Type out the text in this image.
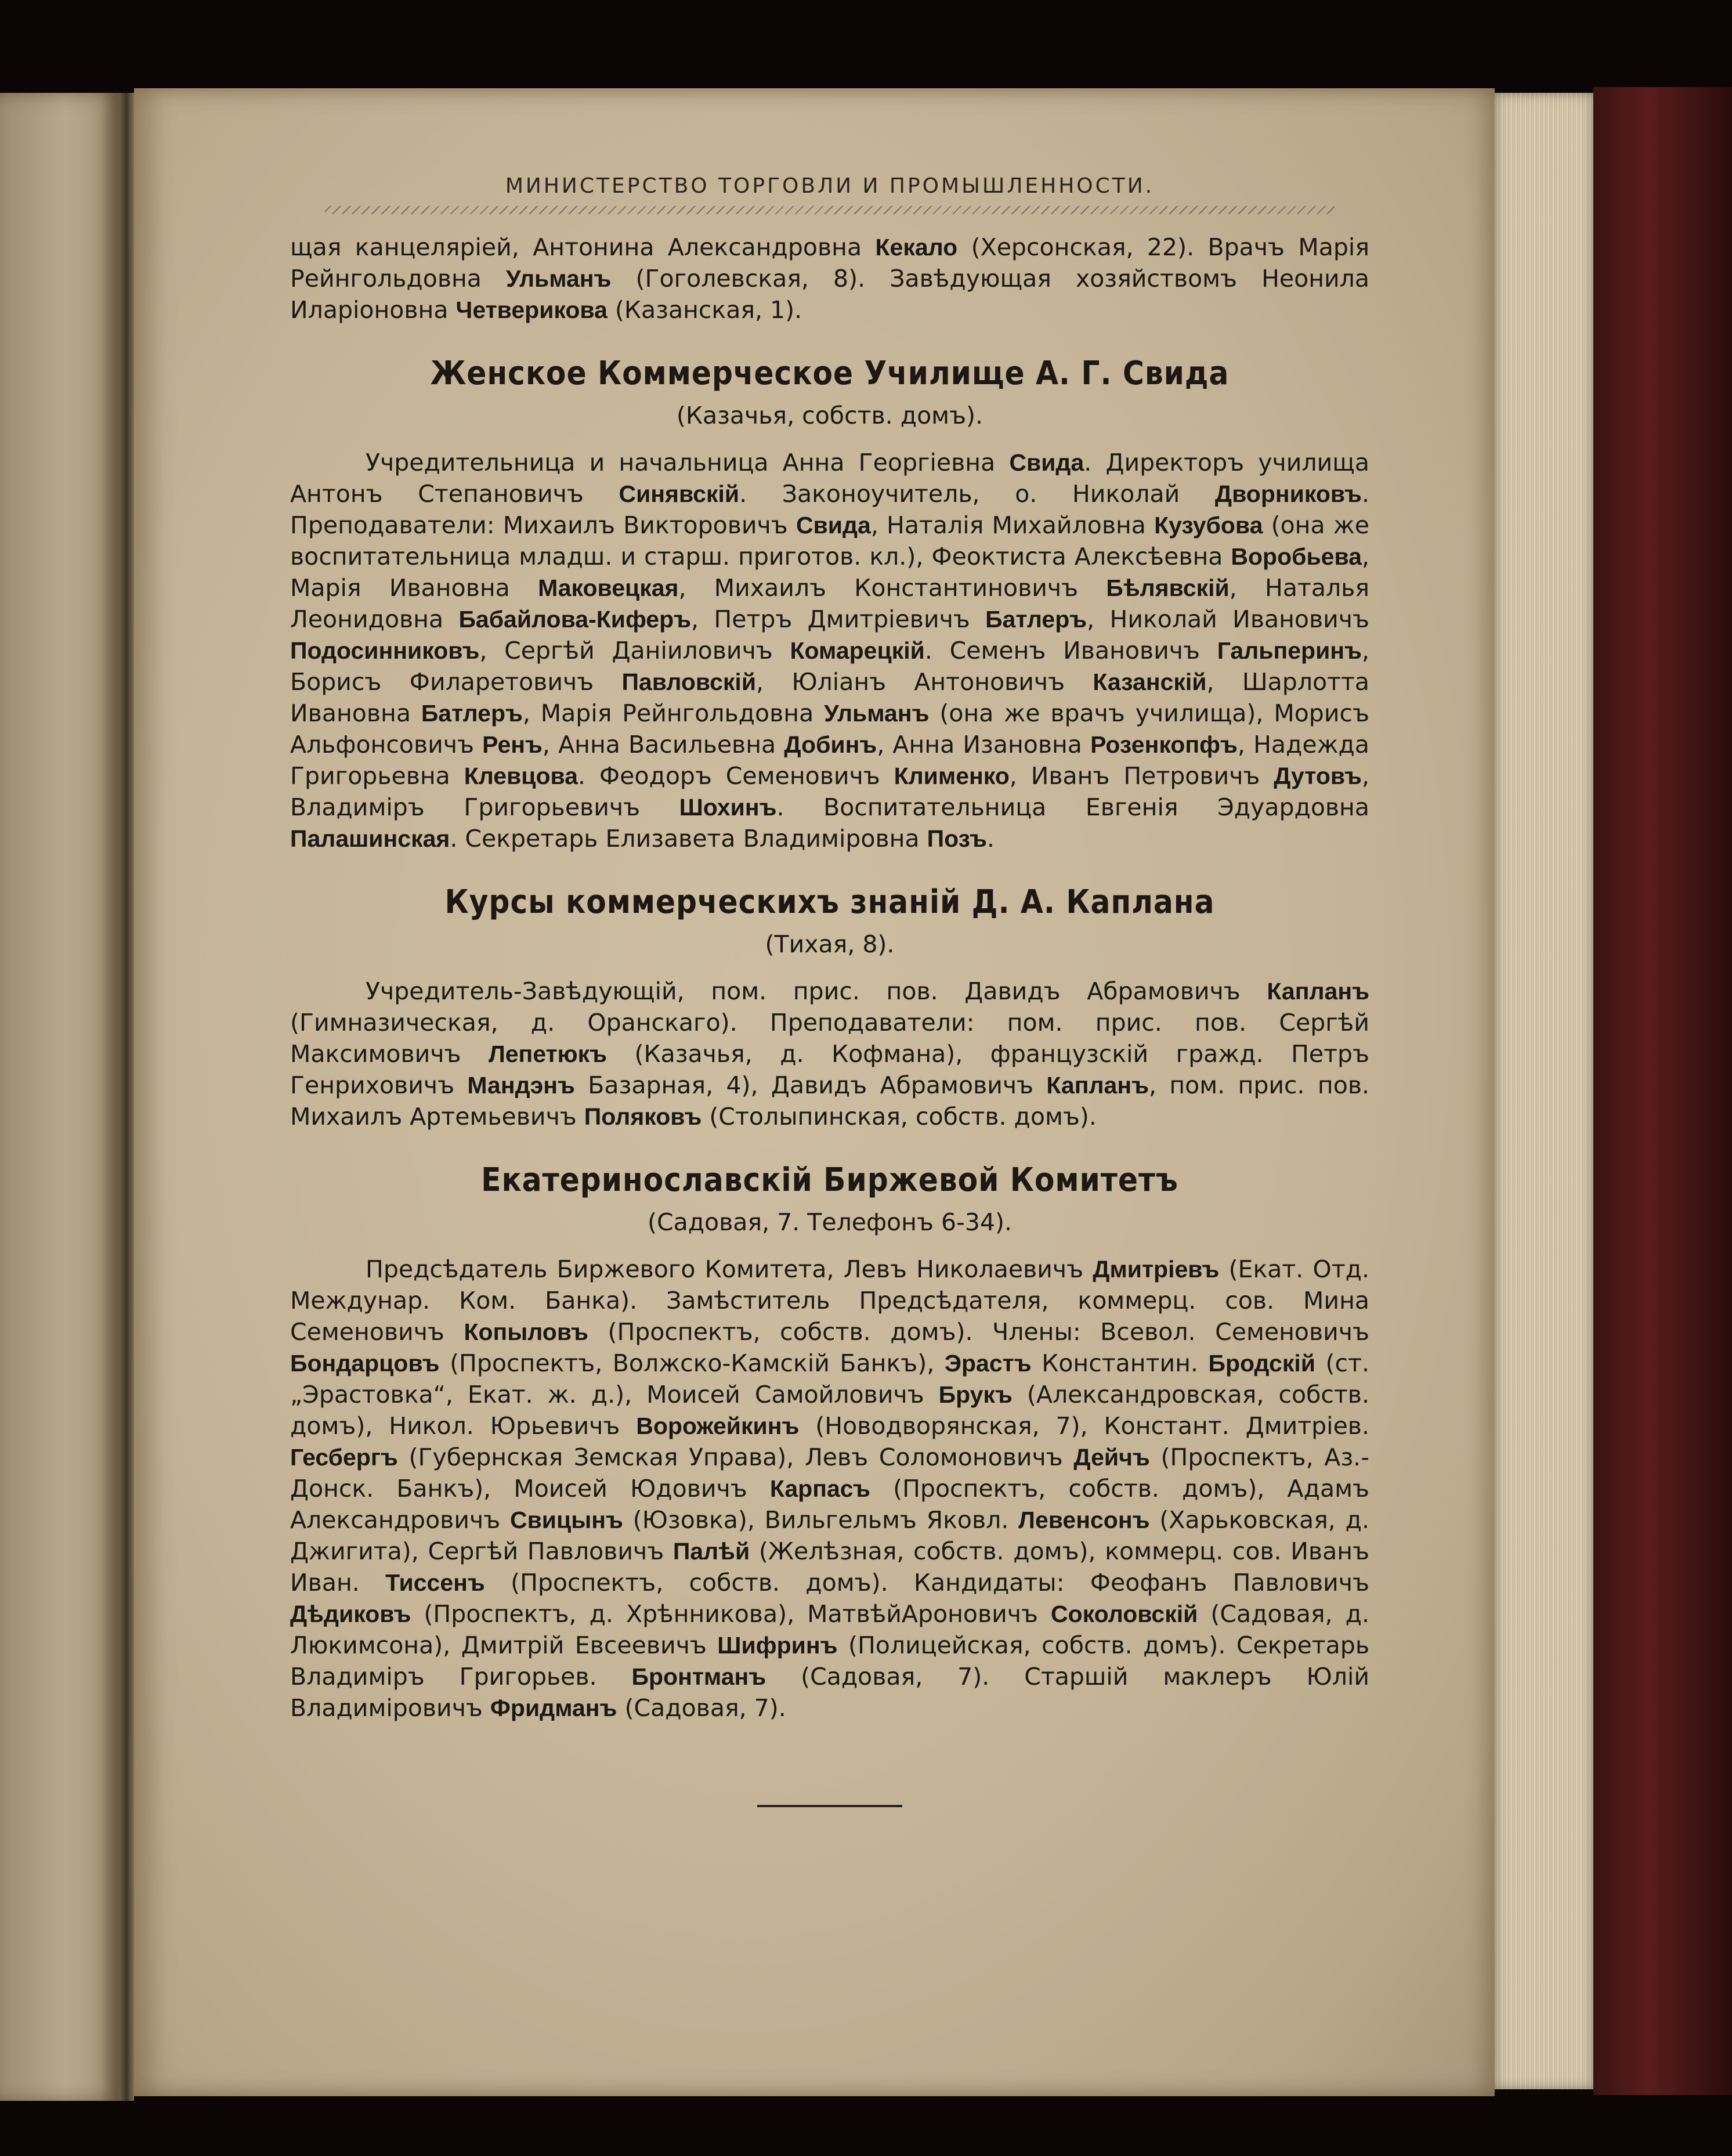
МИНИСТЕРСТВО ТОРГОВЛИ И ПРОМЫШЛЕННОСТИ.

щая канцеляріей, Антонина Александровна Кекало (Херсонская, 22). Врачъ Марія Рейнгольдовна Ульманъ (Гоголевская, 8). Завѣдующая хозяйствомъ Неонила Иларіоновна Четверикова (Казанская, 1).

Женское Коммерческое Училище А. Г. Свида
(Казачья, собств. домъ).

Учредительница и начальница Анна Георгіевна Свида. Директоръ училища Антонъ Степановичъ Синявскій. Законоучитель, о. Николай Дворниковъ. Преподаватели: Михаилъ Викторовичъ Свида, Наталія Михайловна Кузубова (она же воспитательница младш. и старш. приготов. кл.), Феоктиста Алексѣевна Воробьева, Марія Ивановна Маковецкая, Михаилъ Константиновичъ Бѣлявскій, Наталья Леонидовна Бабайлова-Киферъ, Петръ Дмитріевичъ Батлеръ, Николай Ивановичъ Подосинниковъ, Сергѣй Даніиловичъ Комарецкій. Семенъ Ивановичъ Гальперинъ, Борисъ Филаретовичъ Павловскій, Юліанъ Антоновичъ Казанскій, Шарлотта Ивановна Батлеръ, Марія Рейнгольдовна Ульманъ (она же врачъ училища), Морисъ Альфонсовичъ Ренъ, Анна Васильевна Добинъ, Анна Изановна Розенкопфъ, Надежда Григорьевна Клевцова. Феодоръ Семеновичъ Клименко, Иванъ Петровичъ Дутовъ, Владиміръ Григорьевичъ Шохинъ. Воспитательница Евгенія Эдуардовна Палашинская. Секретарь Елизавета Владиміровна Позъ.

Курсы коммерческихъ знаній Д. А. Каплана
(Тихая, 8).

Учредитель-Завѣдующій, пом. прис. пов. Давидъ Абрамовичъ Капланъ (Гимназическая, д. Оранскаго). Преподаватели: пом. прис. пов. Сергѣй Максимовичъ Лепетюкъ (Казачья, д. Кофмана), французскій гражд. Петръ Генриховичъ Мандэнъ Базарная, 4), Давидъ Абрамовичъ Капланъ, пом. прис. пов. Михаилъ Артемьевичъ Поляковъ (Столыпинская, собств. домъ).

Екатеринославскій Биржевой Комитетъ
(Садовая, 7. Телефонъ 6-34).

Предсѣдатель Биржевого Комитета, Левъ Николаевичъ Дмитріевъ (Екат. Отд. Междунар. Ком. Банка). Замѣститель Предсѣдателя, коммерц. сов. Мина Семеновичъ Копыловъ (Проспектъ, собств. домъ). Члены: Всевол. Семеновичъ Бондарцовъ (Проспектъ, Волжско-Камскій Банкъ), Эрастъ Константин. Бродскій (ст. „Эрастовка“, Екат. ж. д.), Моисей Самойловичъ Брукъ (Александровская, собств. домъ), Никол. Юрьевичъ Ворожейкинъ (Новодворянская, 7), Констант. Дмитріев. Гесбергъ (Губернская Земская Управа), Левъ Соломоновичъ Дейчъ (Проспектъ, Аз.-Донск. Банкъ), Моисей Юдовичъ Карпасъ (Проспектъ, собств. домъ), Адамъ Александровичъ Свицынъ (Юзовка), Вильгельмъ Яковл. Левенсонъ (Харьковская, д. Джигита), Сергѣй Павловичъ Палѣй (Желѣзная, собств. домъ), коммерц. сов. Иванъ Иван. Тиссенъ (Проспектъ, собств. домъ). Кандидаты: Феофанъ Павловичъ Дѣдиковъ (Проспектъ, д. Хрѣнникова), МатвѣйАроновичъ Соколовскій (Садовая, д. Люкимсона), Дмитрій Евсеевичъ Шифринъ (Полицейская, собств. домъ). Секретарь Владиміръ Григорьев. Бронтманъ (Садовая, 7). Старшій маклеръ Юлій Владиміровичъ Фридманъ (Садовая, 7).
